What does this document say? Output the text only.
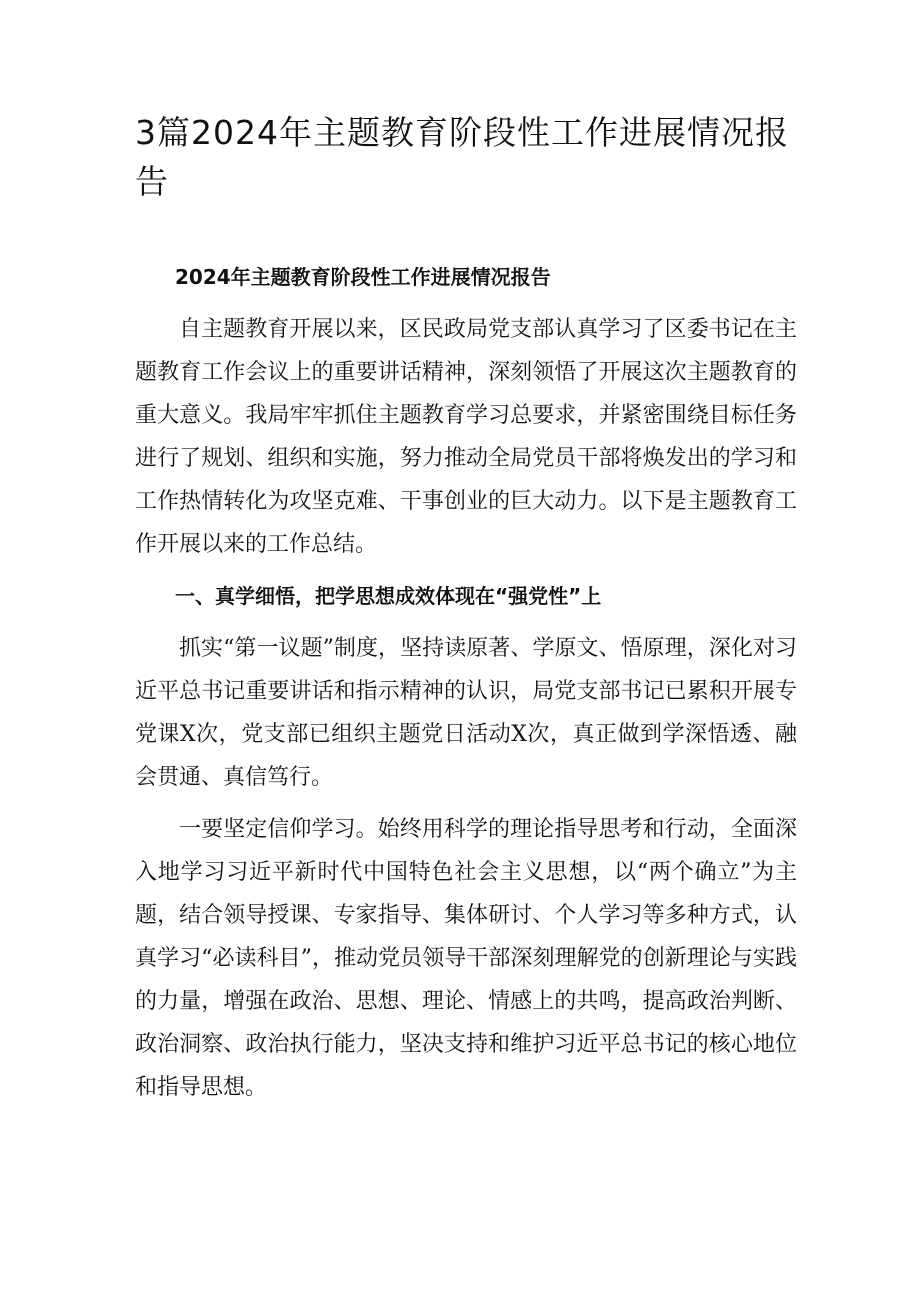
3篇2024年主题教育阶段性工作进展情况报告

2024年主题教育阶段性工作进展情况报告

自主题教育开展以来，区民政局党支部认真学习了区委书记在主题教育工作会议上的重要讲话精神，深刻领悟了开展这次主题教育的重大意义。我局牢牢抓住主题教育学习总要求，并紧密围绕目标任务进行了规划、组织和实施，努力推动全局党员干部将焕发出的学习和工作热情转化为攻坚克难、干事创业的巨大动力。以下是主题教育工作开展以来的工作总结。

一、真学细悟，把学思想成效体现在“强党性”上

抓实“第一议题”制度，坚持读原著、学原文、悟原理，深化对习近平总书记重要讲话和指示精神的认识，局党支部书记已累积开展专党课X次，党支部已组织主题党日活动X次，真正做到学深悟透、融会贯通、真信笃行。

一要坚定信仰学习。始终用科学的理论指导思考和行动，全面深入地学习习近平新时代中国特色社会主义思想，以“两个确立”为主题，结合领导授课、专家指导、集体研讨、个人学习等多种方式，认真学习“必读科目”，推动党员领导干部深刻理解党的创新理论与实践的力量，增强在政治、思想、理论、情感上的共鸣，提高政治判断、政治洞察、政治执行能力，坚决支持和维护习近平总书记的核心地位和指导思想。
